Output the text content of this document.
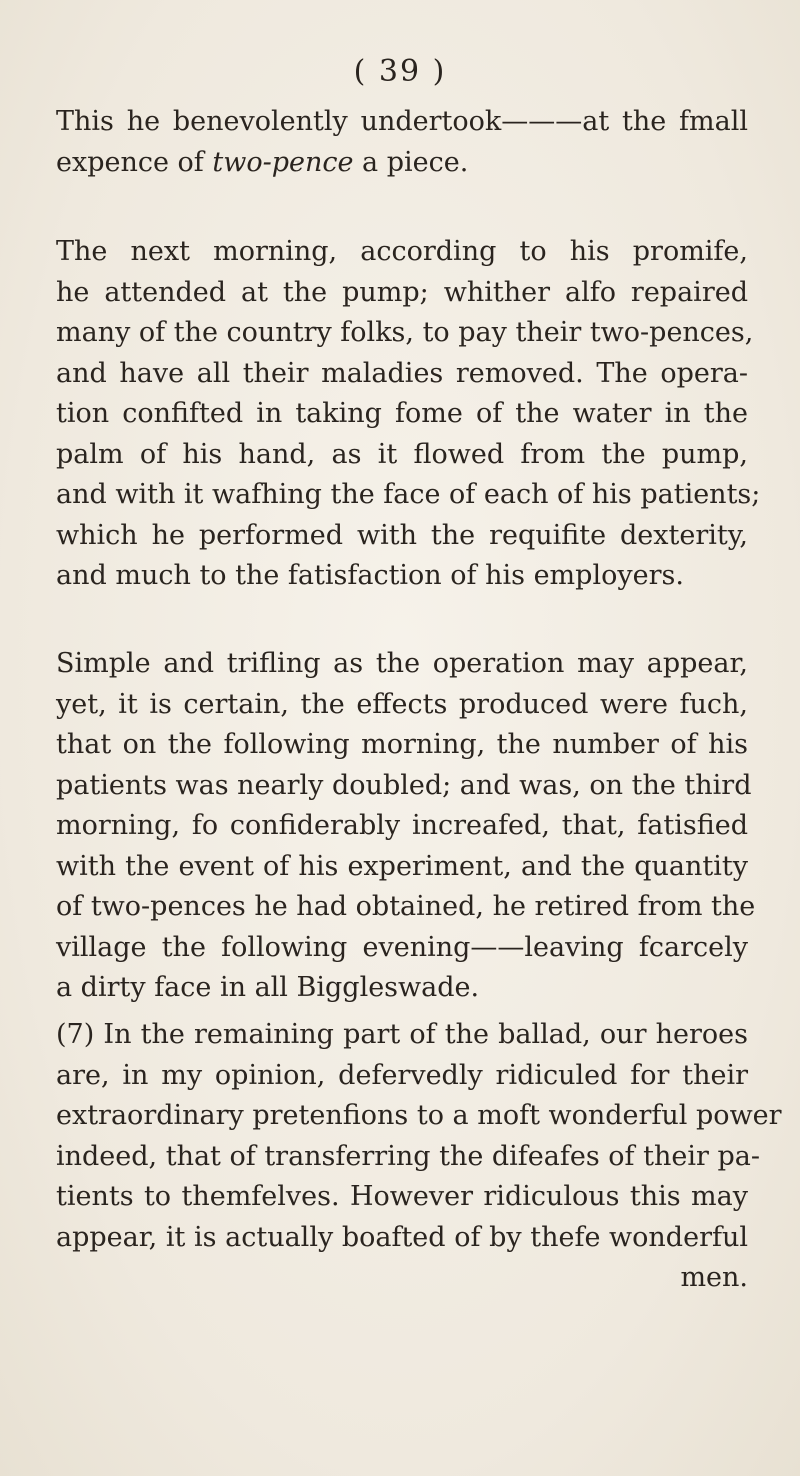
( 39 )
This he benevolently undertook———at the fmall
expence of two-pence a piece.
The next morning, according to his promife,
he attended at the pump; whither alfo repaired
many of the country folks, to pay their two-pences,
and have all their maladies removed. The opera-
tion confifted in taking fome of the water in the
palm of his hand, as it flowed from the pump,
and with it wafhing the face of each of his patients;
which he performed with the requifite dexterity,
and much to the fatisfaction of his employers.
Simple and trifling as the operation may appear,
yet, it is certain, the effects produced were fuch,
that on the following morning, the number of his
patients was nearly doubled; and was, on the third
morning, fo confiderably increafed, that, fatisfied
with the event of his experiment, and the quantity
of two-pences he had obtained, he retired from the
village the following evening——leaving fcarcely
a dirty face in all Biggleswade.
(7) In the remaining part of the ballad, our heroes
are, in my opinion, defervedly ridiculed for their
extraordinary pretenfions to a moft wonderful power
indeed, that of transferring the difeafes of their pa-
tients to themfelves. However ridiculous this may
appear, it is actually boafted of by thefe wonderful
men.
